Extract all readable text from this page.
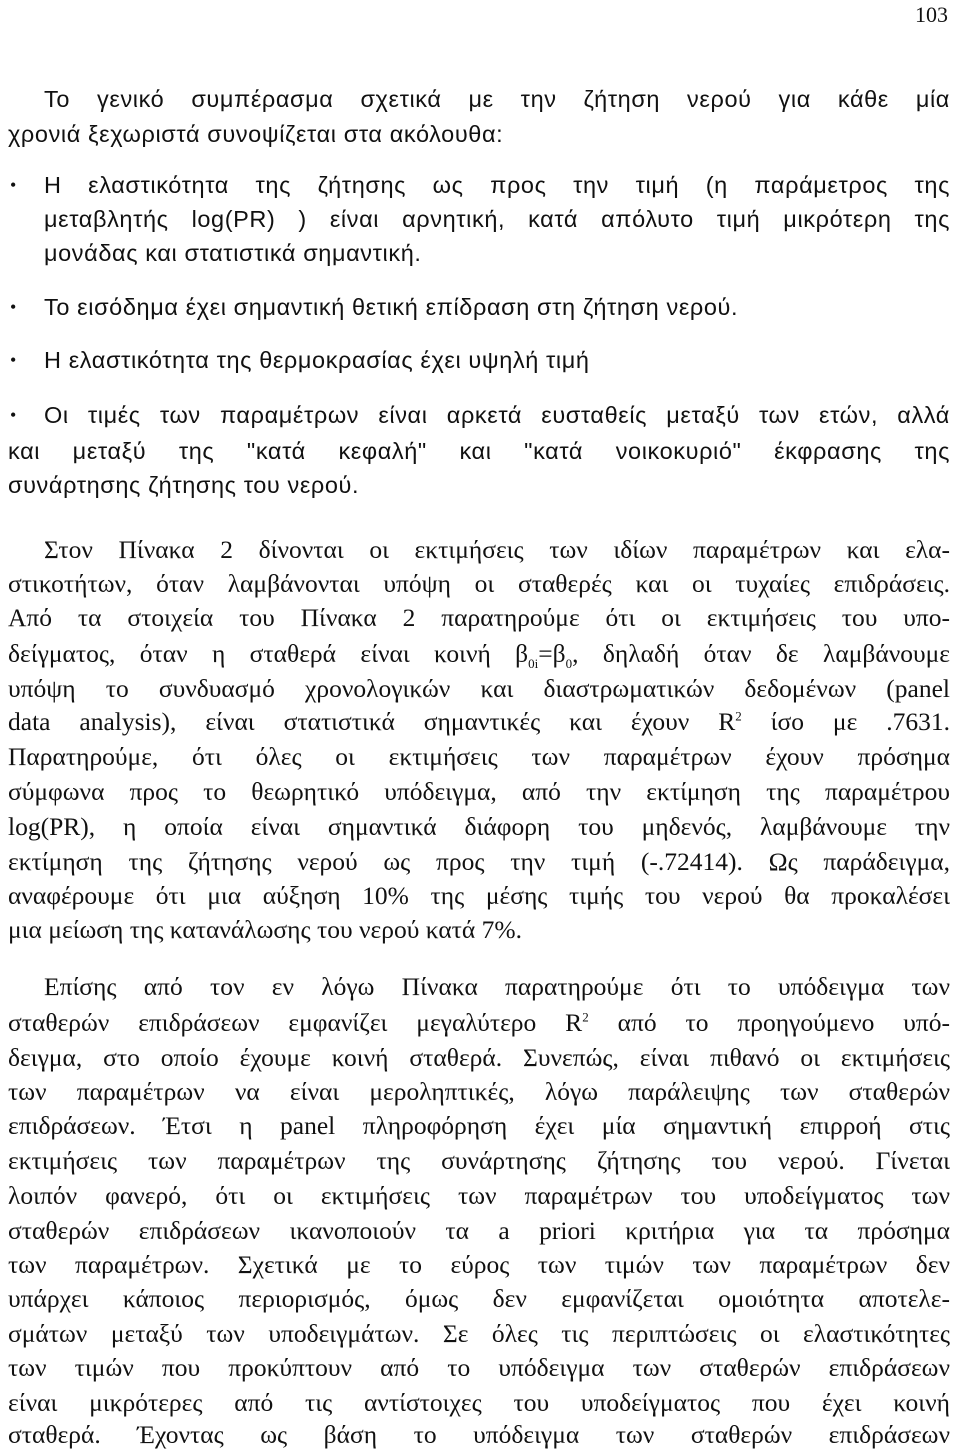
103
Το γενικό συμπέρασμα σχετικά με την ζήτηση νερού για κάθε μία
χρονιά ξεχωριστά συνοψίζεται στα ακόλουθα:
• Η ελαστικότητα της ζήτησης ως προς την τιμή (η παράμετρος της
μεταβλητής log(PR) ) είναι αρνητική, κατά απόλυτο τιμή μικρότερη της
μονάδας και στατιστικά σημαντική.
• Το εισόδημα έχει σημαντική θετική επίδραση στη ζήτηση νερού.
• Η ελαστικότητα της θερμοκρασίας έχει υψηλή τιμή
• Οι τιμές των παραμέτρων είναι αρκετά ευσταθείς μεταξύ των ετών, αλλά
και μεταξύ της "κατά κεφαλή" και "κατά νοικοκυριό" έκφρασης της
συνάρτησης ζήτησης του νερού.
Στον Πίνακα 2 δίνονται οι εκτιμήσεις των ιδίων παραμέτρων και ελα-
στικοτήτων, όταν λαμβάνονται υπόψη οι σταθερές και οι τυχαίες επιδράσεις.
Από τα στοιχεία του Πίνακα 2 παρατηρούμε ότι οι εκτιμήσεις του υπο-
δείγματος, όταν η σταθερά είναι κοινή $\beta_{0i}=\beta_0$, δηλαδή όταν δε λαμβάνουμε
υπόψη το συνδυασμό χρονολογικών και διαστρωματικών δεδομένων (panel
data analysis), είναι στατιστικά σημαντικές και έχουν $R^2$ ίσο με .7631.
Παρατηρούμε, ότι όλες οι εκτιμήσεις των παραμέτρων έχουν πρόσημα
σύμφωνα προς το θεωρητικό υπόδειγμα, από την εκτίμηση της παραμέτρου
log(PR), η οποία είναι σημαντικά διάφορη του μηδενός, λαμβάνουμε την
εκτίμηση της ζήτησης νερού ως προς την τιμή (-.72414). Ως παράδειγμα,
αναφέρουμε ότι μια αύξηση 10% της μέσης τιμής του νερού θα προκαλέσει
μια μείωση της κατανάλωσης του νερού κατά 7%.
Επίσης από τον εν λόγω Πίνακα παρατηρούμε ότι το υπόδειγμα των
σταθερών επιδράσεων εμφανίζει μεγαλύτερο $R^2$ από το προηγούμενο υπό-
δειγμα, στο οποίο έχουμε κοινή σταθερά. Συνεπώς, είναι πιθανό οι εκτιμήσεις
των παραμέτρων να είναι μεροληπτικές, λόγω παράλειψης των σταθερών
επιδράσεων. Έτσι η panel πληροφόρηση έχει μία σημαντική επιρροή στις
εκτιμήσεις των παραμέτρων της συνάρτησης ζήτησης του νερού. Γίνεται
λοιπόν φανερό, ότι οι εκτιμήσεις των παραμέτρων του υποδείγματος των
σταθερών επιδράσεων ικανοποιούν τα a priori κριτήρια για τα πρόσημα
των παραμέτρων. Σχετικά με το εύρος των τιμών των παραμέτρων δεν
υπάρχει κάποιος περιορισμός, όμως δεν εμφανίζεται ομοιότητα αποτελε-
σμάτων μεταξύ των υποδειγμάτων. Σε όλες τις περιπτώσεις οι ελαστικότητες
των τιμών που προκύπτουν από το υπόδειγμα των σταθερών επιδράσεων
είναι μικρότερες από τις αντίστοιχες του υποδείγματος που έχει κοινή
σταθερά. Έχοντας ως βάση το υπόδειγμα των σταθερών επιδράσεων
